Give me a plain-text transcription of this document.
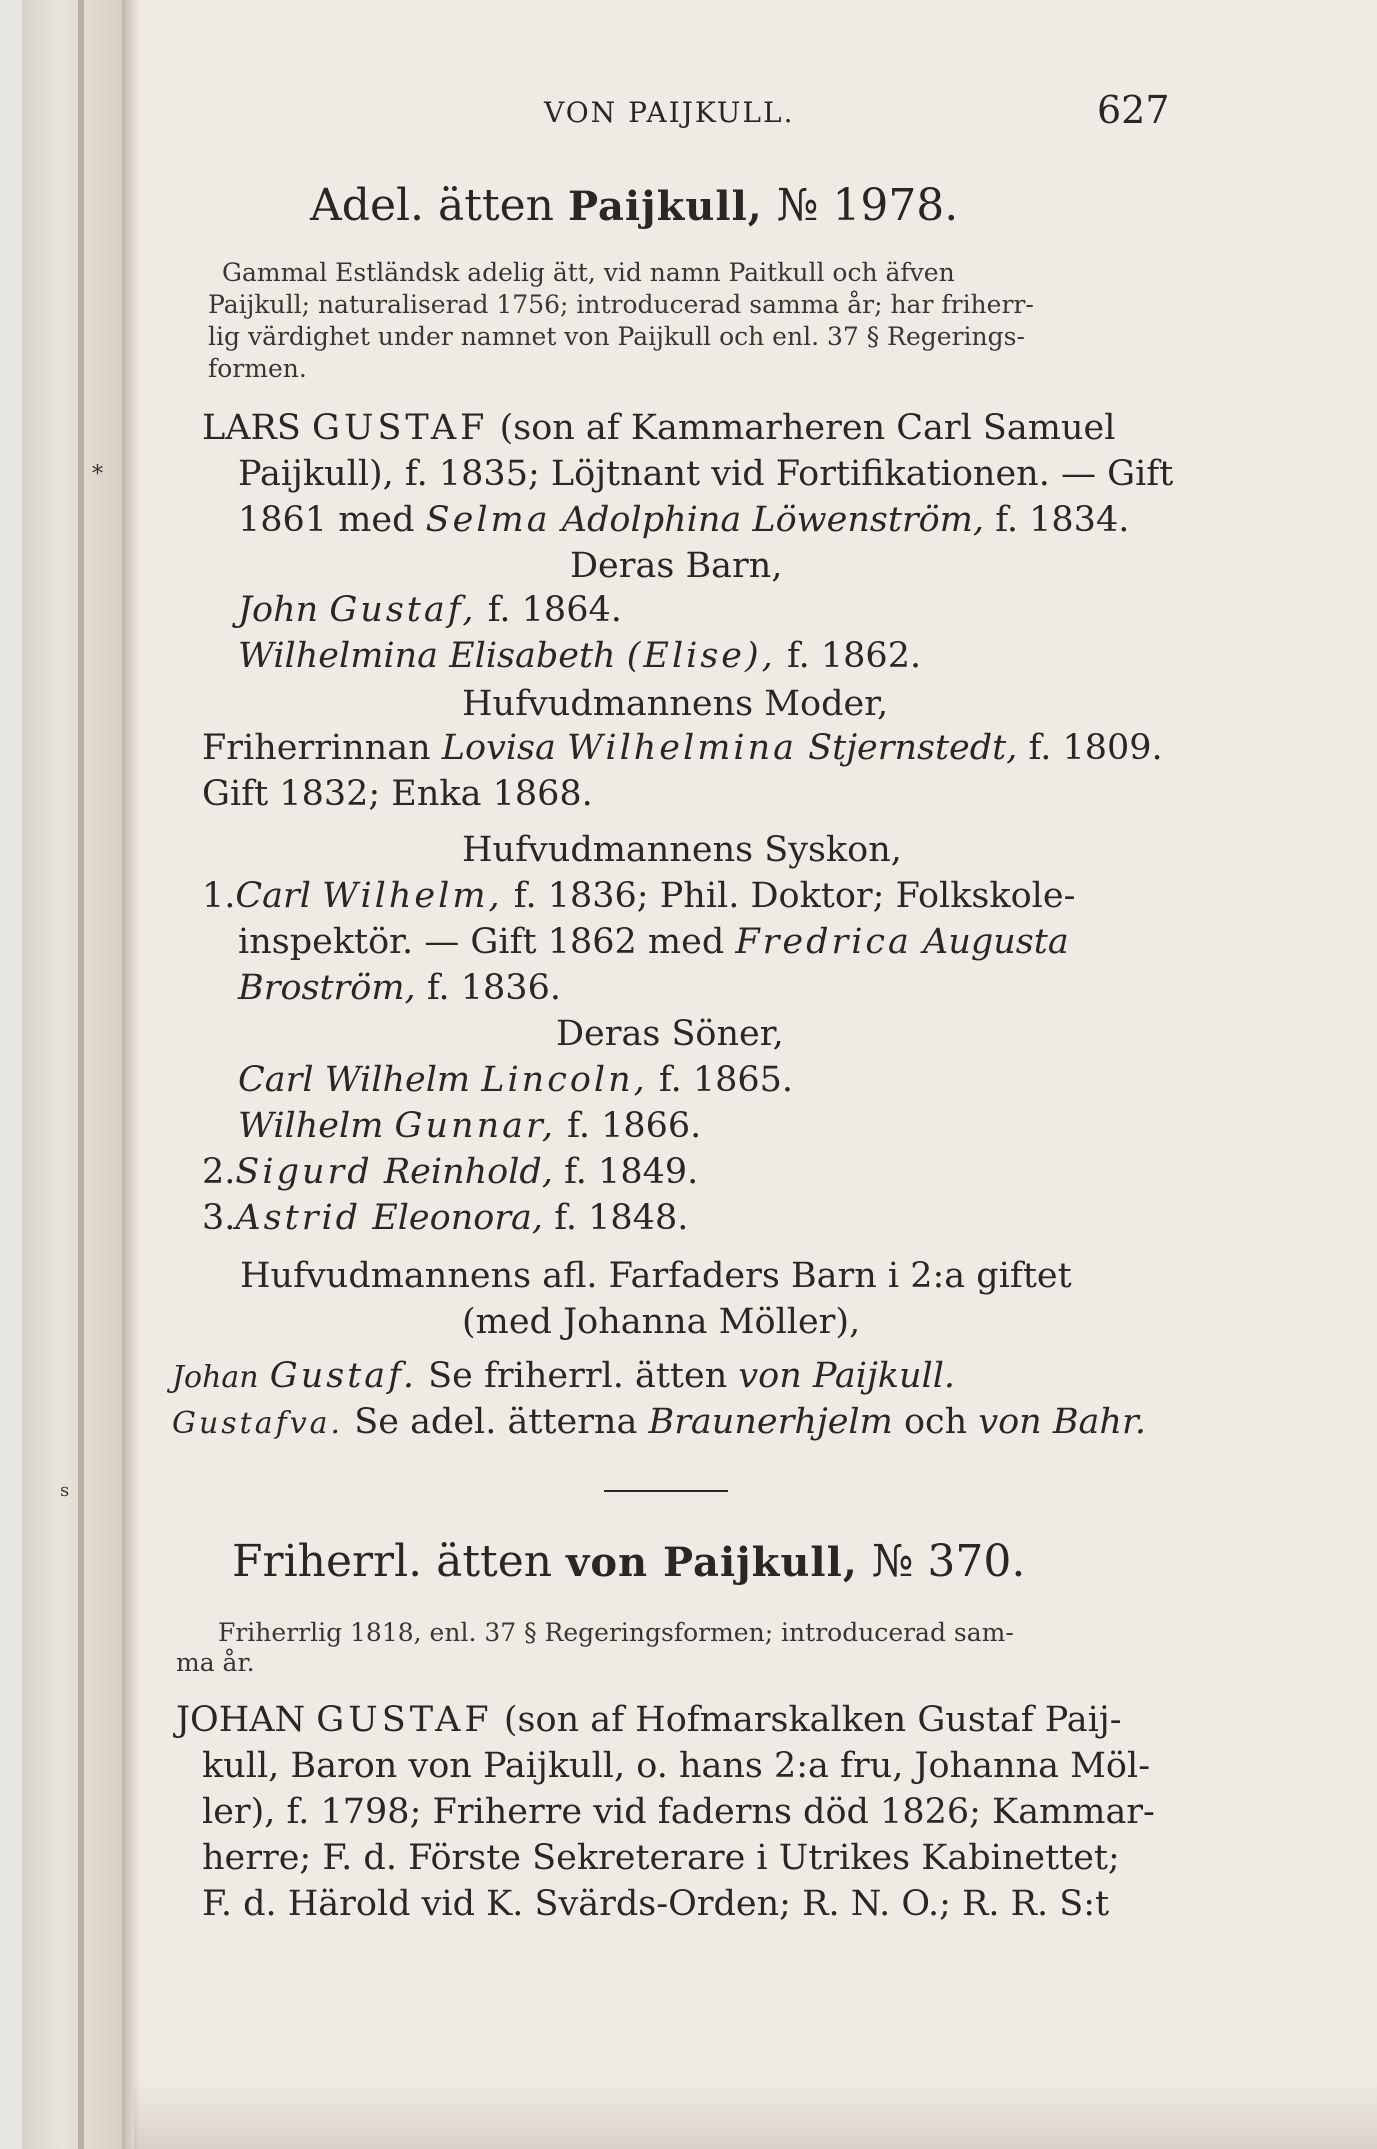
*
s
VON PAIJKULL.	627
Adel. ätten Paijkull, № 1978.
Gammal Estländsk adelig ätt, vid namn Paitkull och äfven
Paijkull; naturaliserad 1756; introducerad samma år; har friherr-
lig värdighet under namnet von Paijkull och enl. 37 § Regerings-
formen.
LARS GUSTAF (son af Kammarheren Carl Samuel
Paijkull), f. 1835; Löjtnant vid Fortifikationen. — Gift
1861 med Selma Adolphina Löwenström, f. 1834.
Deras Barn,
John Gustaf, f. 1864.
Wilhelmina Elisabeth (Elise), f. 1862.
Hufvudmannens Moder,
Friherrinnan Lovisa Wilhelmina Stjernstedt, f. 1809.
Gift 1832; Enka 1868.
Hufvudmannens Syskon,
1.Carl Wilhelm, f. 1836; Phil. Doktor; Folkskole-
inspektör. — Gift 1862 med Fredrica Augusta
Broström, f. 1836.
Deras Söner,
Carl Wilhelm Lincoln, f. 1865.
Wilhelm Gunnar, f. 1866.
2.Sigurd Reinhold, f. 1849.
3.Astrid Eleonora, f. 1848.
Hufvudmannens afl. Farfaders Barn i 2:a giftet
(med Johanna Möller),
Johan Gustaf. Se friherrl. ätten von Paijkull.
Gustafva. Se adel. ätterna Braunerhjelm och von Bahr.
Friherrl. ätten von Paijkull, № 370.
Friherrlig 1818, enl. 37 § Regeringsformen; introducerad sam-
ma år.
JOHAN GUSTAF (son af Hofmarskalken Gustaf Paij-
kull, Baron von Paijkull, o. hans 2:a fru, Johanna Möl-
ler), f. 1798; Friherre vid faderns död 1826; Kammar-
herre; F. d. Förste Sekreterare i Utrikes Kabinettet;
F. d. Härold vid K. Svärds-Orden; R. N. O.; R. R. S:t
